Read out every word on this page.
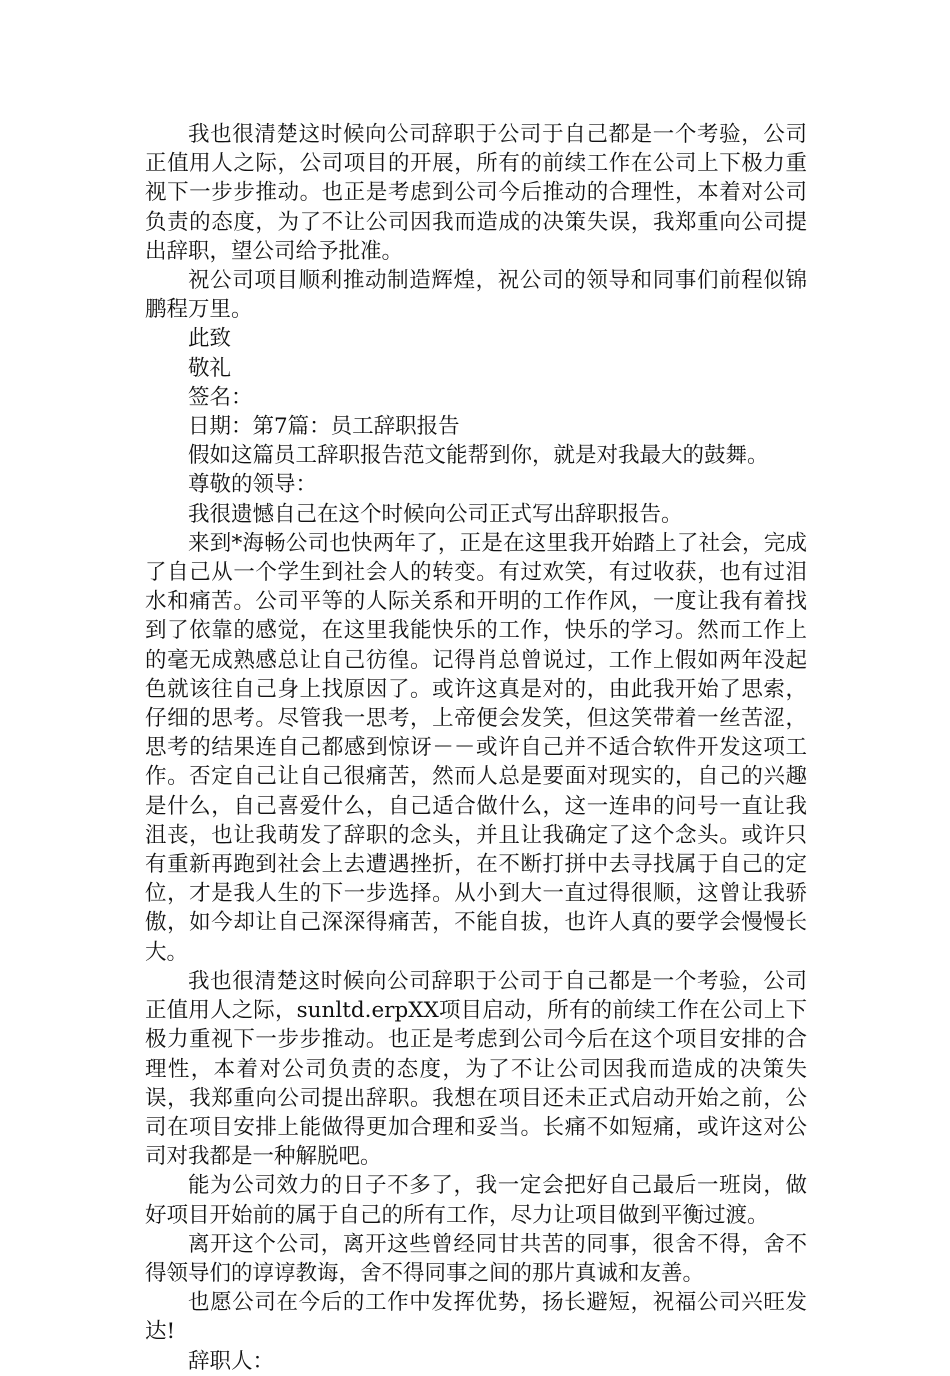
我也很清楚这时候向公司辞职于公司于自己都是一个考验，公司正值用人之际，公司项目的开展，所有的前续工作在公司上下极力重视下一步步推动。也正是考虑到公司今后推动的合理性，本着对公司负责的态度，为了不让公司因我而造成的决策失误，我郑重向公司提出辞职，望公司给予批准。

祝公司项目顺利推动制造辉煌，祝公司的领导和同事们前程似锦鹏程万里。

此致

敬礼

签名：

日期：第7篇：员工辞职报告

假如这篇员工辞职报告范文能帮到你，就是对我最大的鼓舞。

尊敬的领导：

我很遗憾自己在这个时候向公司正式写出辞职报告。

来到*海畅公司也快两年了，正是在这里我开始踏上了社会，完成了自己从一个学生到社会人的转变。有过欢笑，有过收获，也有过泪水和痛苦。公司平等的人际关系和开明的工作作风，一度让我有着找到了依靠的感觉，在这里我能快乐的工作，快乐的学习。然而工作上的毫无成熟感总让自己彷徨。记得肖总曾说过，工作上假如两年没起色就该往自己身上找原因了。或许这真是对的，由此我开始了思索，仔细的思考。尽管我一思考，上帝便会发笑，但这笑带着一丝苦涩，思考的结果连自己都感到惊讶－－或许自己并不适合软件开发这项工作。否定自己让自己很痛苦，然而人总是要面对现实的，自己的兴趣是什么，自己喜爱什么，自己适合做什么，这一连串的问号一直让我沮丧，也让我萌发了辞职的念头，并且让我确定了这个念头。或许只有重新再跑到社会上去遭遇挫折，在不断打拼中去寻找属于自己的定位，才是我人生的下一步选择。从小到大一直过得很顺，这曾让我骄傲，如今却让自己深深得痛苦，不能自拔，也许人真的要学会慢慢长大。

我也很清楚这时候向公司辞职于公司于自己都是一个考验，公司正值用人之际，sunltd.erpXX项目启动，所有的前续工作在公司上下极力重视下一步步推动。也正是考虑到公司今后在这个项目安排的合理性，本着对公司负责的态度，为了不让公司因我而造成的决策失误，我郑重向公司提出辞职。我想在项目还未正式启动开始之前，公司在项目安排上能做得更加合理和妥当。长痛不如短痛，或许这对公司对我都是一种解脱吧。

能为公司效力的日子不多了，我一定会把好自己最后一班岗，做好项目开始前的属于自己的所有工作，尽力让项目做到平衡过渡。

离开这个公司，离开这些曾经同甘共苦的同事，很舍不得，舍不得领导们的谆谆教诲，舍不得同事之间的那片真诚和友善。

也愿公司在今后的工作中发挥优势，扬长避短，祝福公司兴旺发达!

辞职人：
